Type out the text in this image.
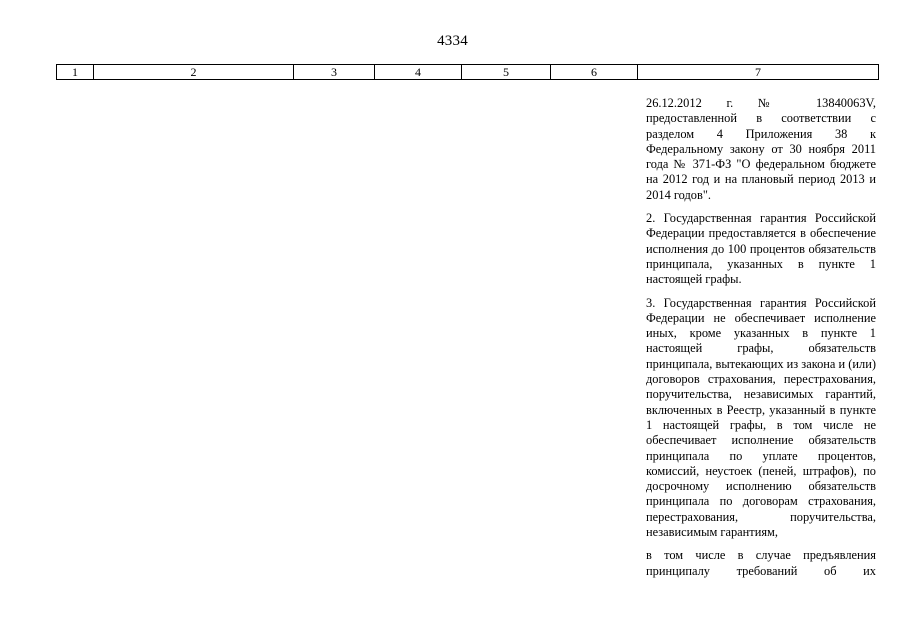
4334
1	2	3	4	5	6	7

26.12.2012 г. № 13840063V, предоставленной в соответствии с разделом 4 Приложения 38 к Федеральному закону от 30 ноября 2011 года № 371-ФЗ "О федеральном бюджете на 2012 год и на плановый период 2013 и 2014 годов".

2. Государственная гарантия Российской Федерации предоставляется в обеспечение исполнения до 100 процентов обязательств принципала, указанных в пункте 1 настоящей графы.

3. Государственная гарантия Российской Федерации не обеспечивает исполнение иных, кроме указанных в пункте 1 настоящей графы, обязательств принципала, вытекающих из закона и (или) договоров страхования, перестрахования, поручительства, независимых гарантий, включенных в Реестр, указанный в пункте 1 настоящей графы, в том числе не обеспечивает исполнение обязательств принципала по уплате процентов, комиссий, неустоек (пеней, штрафов), по досрочному исполнению обязательств принципала по договорам страхования, перестрахования, поручительства, независимым гарантиям,

в том числе в случае предъявления принципалу требований об их
